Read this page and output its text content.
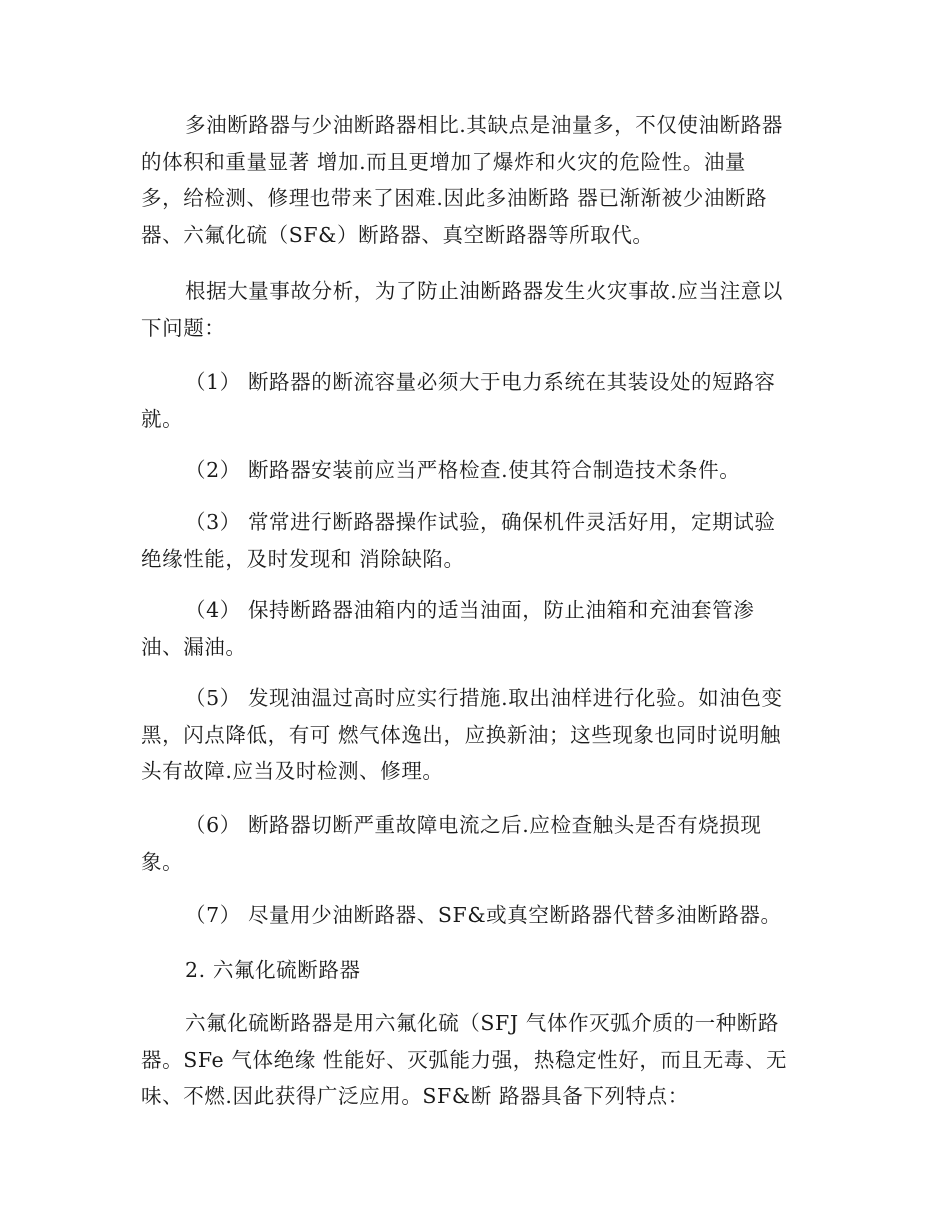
多油断路器与少油断路器相比.其缺点是油量多，不仅使油断路器
的体积和重量显著 增加.而且更增加了爆炸和火灾的危险性。油量
多，给检测、修理也带来了困难.因此多油断路 器已渐渐被少油断路
器、六氟化硫（SF&）断路器、真空断路器等所取代。
根据大量事故分析，为了防止油断路器发生火灾事故.应当注意以
下问题：
（1） 断路器的断流容量必须大于电力系统在其装设处的短路容
就。
（2） 断路器安装前应当严格检查.使其符合制造技术条件。
（3） 常常进行断路器操作试验，确保机件灵活好用，定期试验
绝缘性能，及时发现和 消除缺陷。
（4） 保持断路器油箱内的适当油面，防止油箱和充油套管渗
油、漏油。
（5） 发现油温过高时应实行措施.取出油样进行化验。如油色变
黑，闪点降低，有可 燃气体逸出，应换新油；这些现象也同时说明触
头有故障.应当及时检测、修理。
（6） 断路器切断严重故障电流之后.应检查触头是否有烧损现
象。
（7） 尽量用少油断路器、SF&或真空断路器代替多油断路器。
2. 六氟化硫断路器
六氟化硫断路器是用六氟化硫（SFJ 气体作灭弧介质的一种断路
器。SFe 气体绝缘 性能好、灭弧能力强，热稳定性好，而且无毒、无
味、不燃.因此获得广泛应用。SF&断 路器具备下列特点：
